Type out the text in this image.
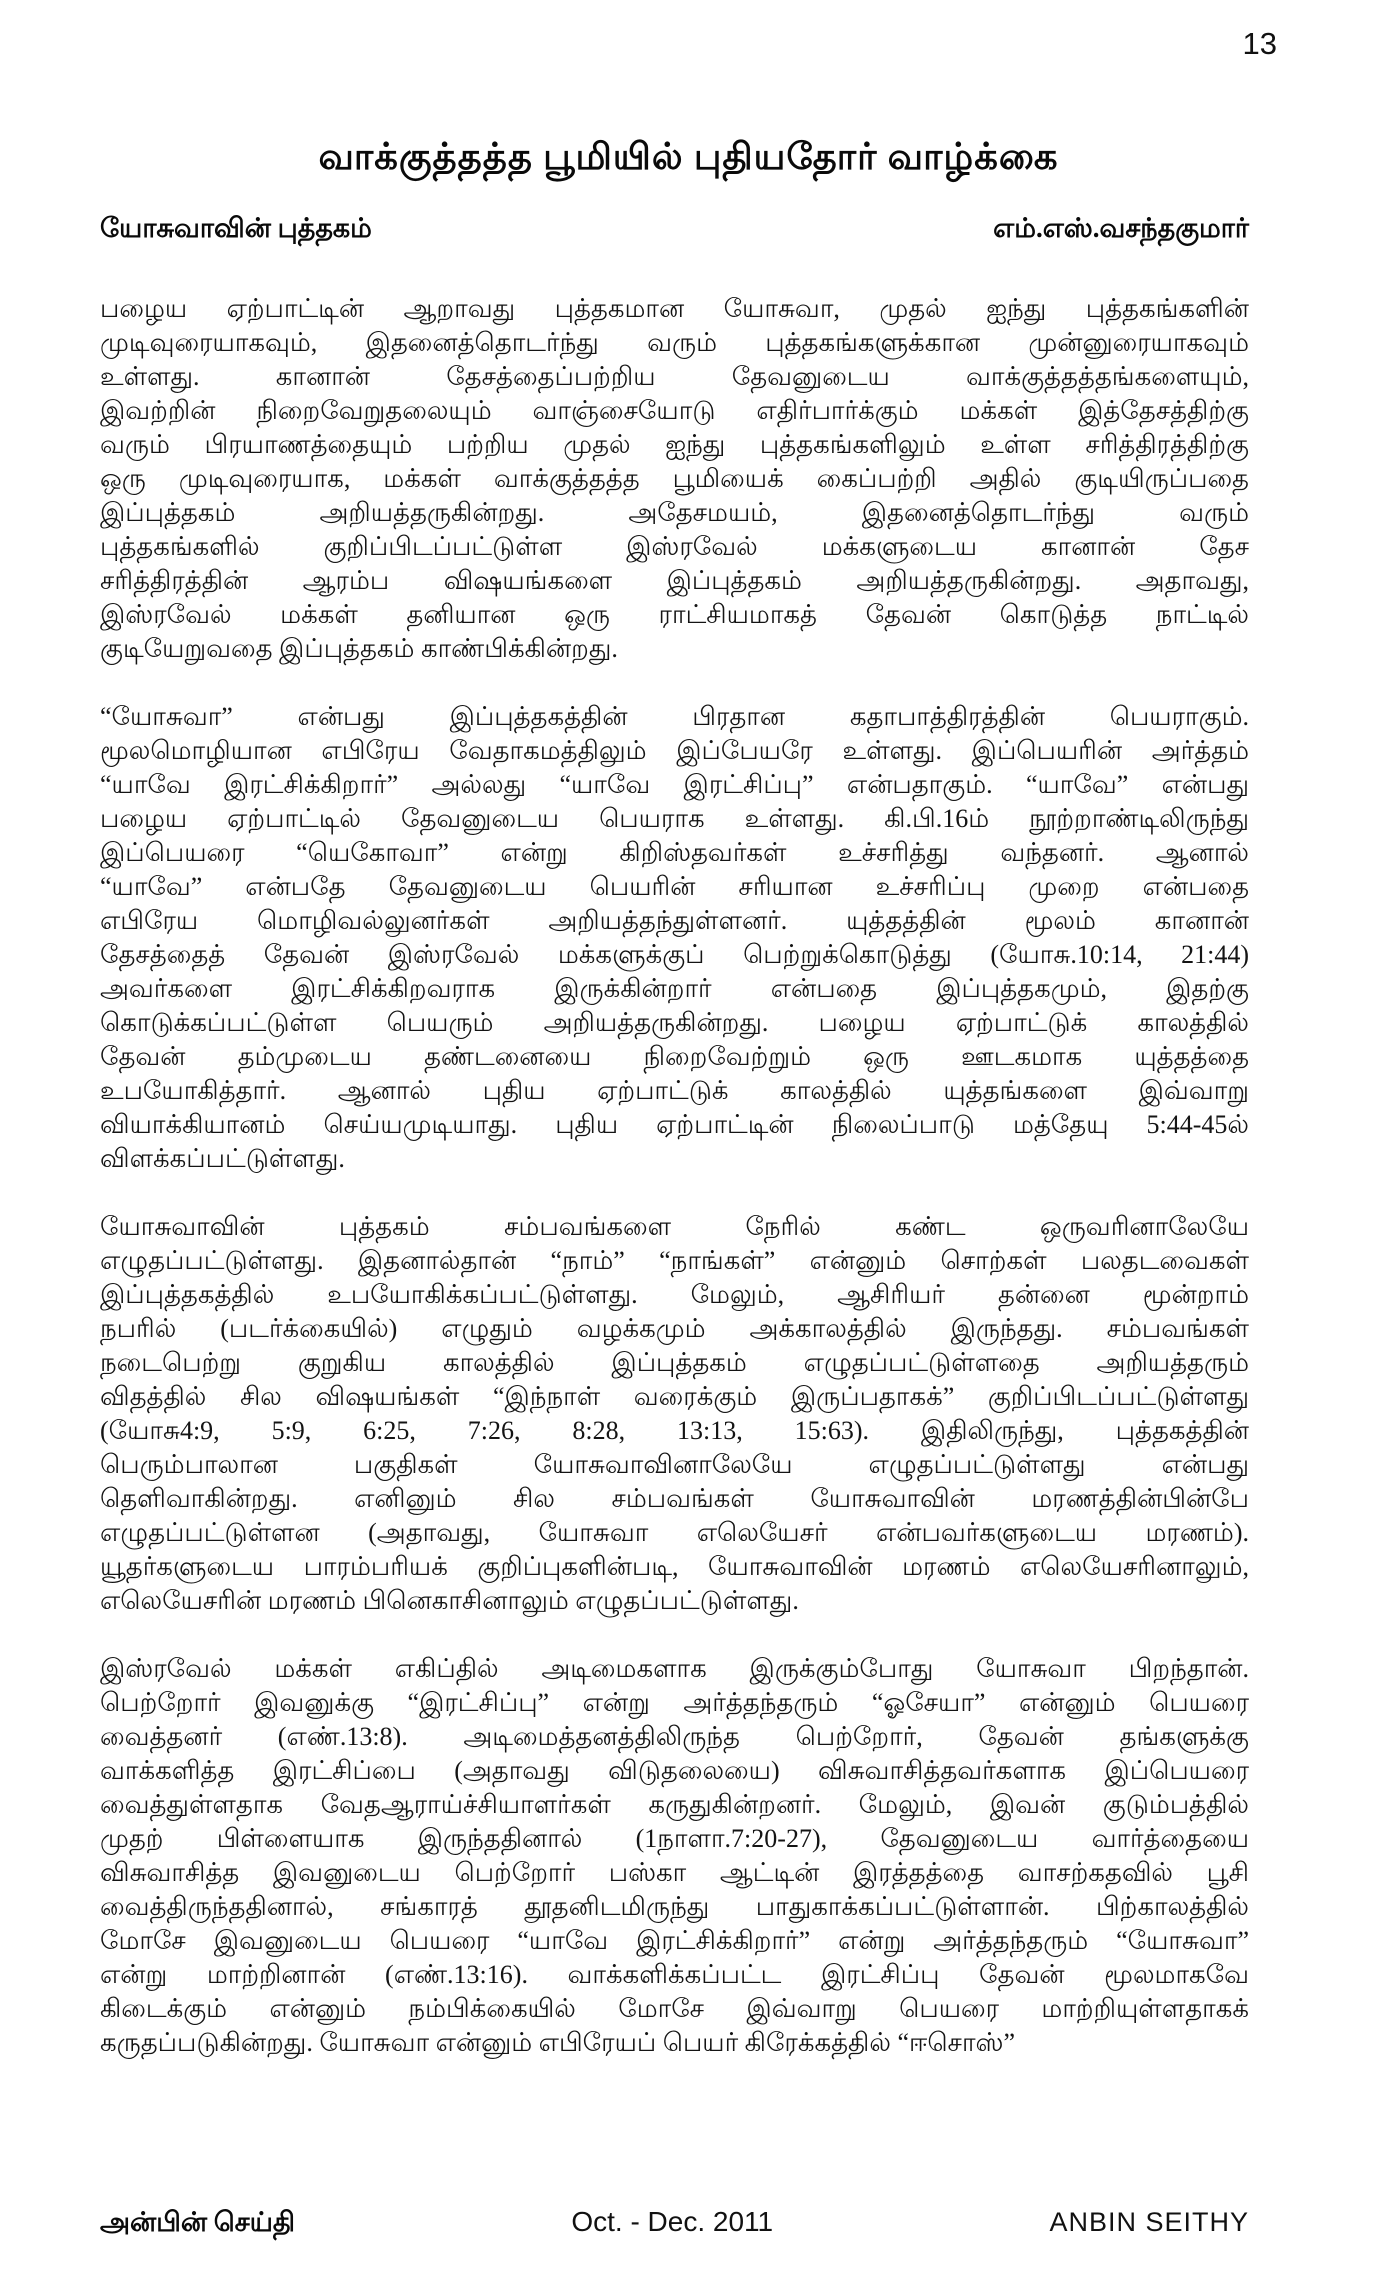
13
வாக்குத்தத்த பூமியில் புதியதோர் வாழ்க்கை
யோசுவாவின் புத்தகம்	எம்.எஸ்.வசந்தகுமார்
பழைய ஏற்பாட்டின் ஆறாவது புத்தகமான யோசுவா, முதல் ஐந்து புத்தகங்களின்
முடிவுரையாகவும், இதனைத்தொடர்ந்து வரும் புத்தகங்களுக்கான முன்னுரையாகவும்
உள்ளது. கானான் தேசத்தைப்பற்றிய தேவனுடைய வாக்குத்தத்தங்களையும்,
இவற்றின் நிறைவேறுதலையும் வாஞ்சையோடு எதிர்பார்க்கும் மக்கள் இத்தேசத்திற்கு
வரும் பிரயாணத்தையும் பற்றிய முதல் ஐந்து புத்தகங்களிலும் உள்ள சரித்திரத்திற்கு
ஒரு முடிவுரையாக, மக்கள் வாக்குத்தத்த பூமியைக் கைப்பற்றி அதில் குடியிருப்பதை
இப்புத்தகம் அறியத்தருகின்றது. அதேசமயம், இதனைத்தொடர்ந்து வரும்
புத்தகங்களில் குறிப்பிடப்பட்டுள்ள இஸ்ரவேல் மக்களுடைய கானான் தேச
சரித்திரத்தின் ஆரம்ப விஷயங்களை இப்புத்தகம் அறியத்தருகின்றது. அதாவது,
இஸ்ரவேல் மக்கள் தனியான ஒரு ராட்சியமாகத் தேவன் கொடுத்த நாட்டில்
குடியேறுவதை இப்புத்தகம் காண்பிக்கின்றது.
“யோசுவா” என்பது இப்புத்தகத்தின் பிரதான கதாபாத்திரத்தின் பெயராகும்.
மூலமொழியான எபிரேய வேதாகமத்திலும் இப்பேயரே உள்ளது. இப்பெயரின் அர்த்தம்
“யாவே இரட்சிக்கிறார்” அல்லது “யாவே இரட்சிப்பு” என்பதாகும். “யாவே” என்பது
பழைய ஏற்பாட்டில் தேவனுடைய பெயராக உள்ளது. கி.பி.16ம் நூற்றாண்டிலிருந்து
இப்பெயரை “யெகோவா” என்று கிறிஸ்தவர்கள் உச்சரித்து வந்தனர். ஆனால்
“யாவே” என்பதே தேவனுடைய பெயரின் சரியான உச்சரிப்பு முறை என்பதை
எபிரேய மொழிவல்லுனர்கள் அறியத்தந்துள்ளனர். யுத்தத்தின் மூலம் கானான்
தேசத்தைத் தேவன் இஸ்ரவேல் மக்களுக்குப் பெற்றுக்கொடுத்து (யோசு.10:14, 21:44)
அவர்களை இரட்சிக்கிறவராக இருக்கின்றார் என்பதை இப்புத்தகமும், இதற்கு
கொடுக்கப்பட்டுள்ள பெயரும் அறியத்தருகின்றது. பழைய ஏற்பாட்டுக் காலத்தில்
தேவன் தம்முடைய தண்டனையை நிறைவேற்றும் ஒரு ஊடகமாக யுத்தத்தை
உபயோகித்தார். ஆனால் புதிய ஏற்பாட்டுக் காலத்தில் யுத்தங்களை இவ்வாறு
வியாக்கியானம் செய்யமுடியாது. புதிய ஏற்பாட்டின் நிலைப்பாடு மத்தேயு 5:44-45ல்
விளக்கப்பட்டுள்ளது.
யோசுவாவின் புத்தகம் சம்பவங்களை நேரில் கண்ட ஒருவரினாலேயே
எழுதப்பட்டுள்ளது. இதனால்தான் “நாம்” “நாங்கள்” என்னும் சொற்கள் பலதடவைகள்
இப்புத்தகத்தில் உபயோகிக்கப்பட்டுள்ளது. மேலும், ஆசிரியர் தன்னை மூன்றாம்
நபரில் (படர்க்கையில்) எழுதும் வழக்கமும் அக்காலத்தில் இருந்தது. சம்பவங்கள்
நடைபெற்று குறுகிய காலத்தில் இப்புத்தகம் எழுதப்பட்டுள்ளதை அறியத்தரும்
விதத்தில் சில விஷயங்கள் “இந்நாள் வரைக்கும் இருப்பதாகக்” குறிப்பிடப்பட்டுள்ளது
(யோசு4:9, 5:9, 6:25, 7:26, 8:28, 13:13, 15:63). இதிலிருந்து, புத்தகத்தின்
பெரும்பாலான பகுதிகள் யோசுவாவினாலேயே எழுதப்பட்டுள்ளது என்பது
தெளிவாகின்றது. எனினும் சில சம்பவங்கள் யோசுவாவின் மரணத்தின்பின்பே
எழுதப்பட்டுள்ளன (அதாவது, யோசுவா எலெயேசர் என்பவர்களுடைய மரணம்).
யூதர்களுடைய பாரம்பரியக் குறிப்புகளின்படி, யோசுவாவின் மரணம் எலெயேசரினாலும்,
எலெயேசரின் மரணம் பினெகாசினாலும் எழுதப்பட்டுள்ளது.
இஸ்ரவேல் மக்கள் எகிப்தில் அடிமைகளாக இருக்கும்போது யோசுவா பிறந்தான்.
பெற்றோர் இவனுக்கு “இரட்சிப்பு” என்று அர்த்தந்தரும் “ஓசேயா” என்னும் பெயரை
வைத்தனர் (எண்.13:8). அடிமைத்தனத்திலிருந்த பெற்றோர், தேவன் தங்களுக்கு
வாக்களித்த இரட்சிப்பை (அதாவது விடுதலையை) விசுவாசித்தவர்களாக இப்பெயரை
வைத்துள்ளதாக வேதஆராய்ச்சியாளர்கள் கருதுகின்றனர். மேலும், இவன் குடும்பத்தில்
முதற் பிள்ளையாக இருந்ததினால் (1நாளா.7:20-27), தேவனுடைய வார்த்தையை
விசுவாசித்த இவனுடைய பெற்றோர் பஸ்கா ஆட்டின் இரத்தத்தை வாசற்கதவில் பூசி
வைத்திருந்ததினால், சங்காரத் தூதனிடமிருந்து பாதுகாக்கப்பட்டுள்ளான். பிற்காலத்தில்
மோசே இவனுடைய பெயரை “யாவே இரட்சிக்கிறார்” என்று அர்த்தந்தரும் “யோசுவா”
என்று மாற்றினான் (எண்.13:16). வாக்களிக்கப்பட்ட இரட்சிப்பு தேவன் மூலமாகவே
கிடைக்கும் என்னும் நம்பிக்கையில் மோசே இவ்வாறு பெயரை மாற்றியுள்ளதாகக்
கருதப்படுகின்றது. யோசுவா என்னும் எபிரேயப் பெயர் கிரேக்கத்தில் “ஈசொஸ்”
அன்பின் செய்தி	Oct. - Dec. 2011	ANBIN SEITHY
